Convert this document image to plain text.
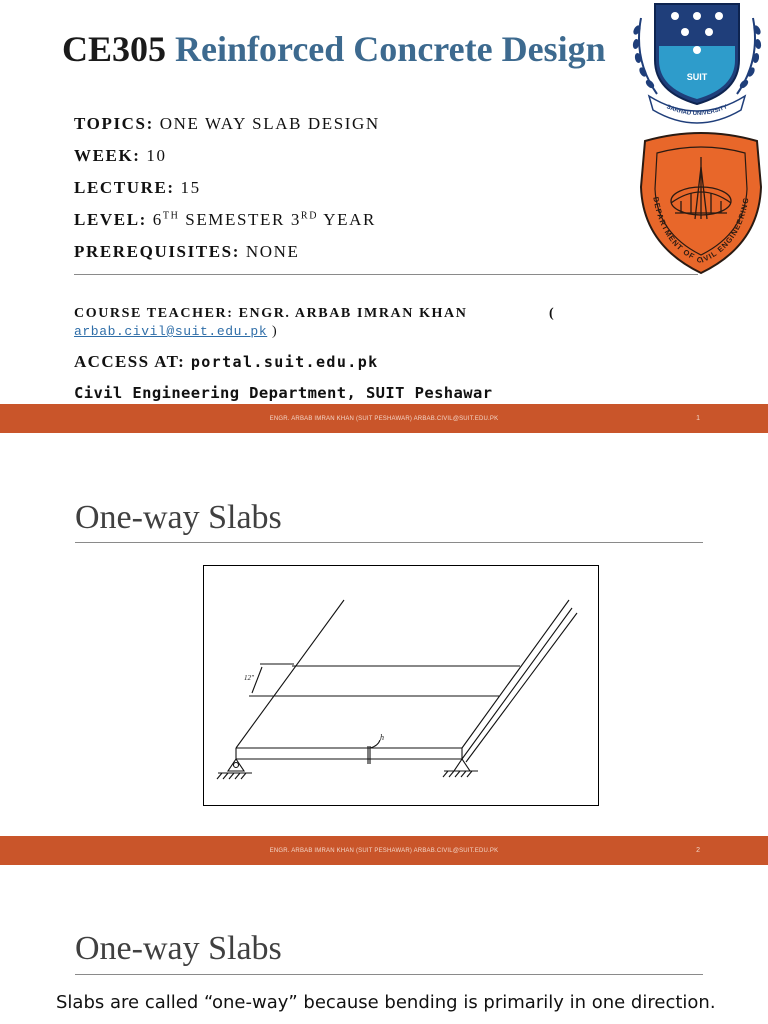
CE305 Reinforced Concrete Design
TOPICS: ONE WAY SLAB DESIGN
WEEK: 10
LECTURE: 15
LEVEL: 6TH SEMESTER 3RD YEAR
PREREQUISITES: NONE
COURSE TEACHER: ENGR. ARBAB IMRAN KHAN	(
arbab.civil@suit.edu.pk )
ACCESS AT: portal.suit.edu.pk
Civil Engineering Department, SUIT Peshawar
SUIT
SARHAD UNIVERSITY
DEPARTMENT OF CIVIL ENGINEERING
ENGR. ARBAB IMRAN KHAN (SUIT PESHAWAR) ARBAB.CIVIL@SUIT.EDU.PK	1
One-way Slabs
12"
h
ENGR. ARBAB IMRAN KHAN (SUIT PESHAWAR) ARBAB.CIVIL@SUIT.EDU.PK	2
One-way Slabs
Slabs are called “one-way” because bending is primarily in one direction.
